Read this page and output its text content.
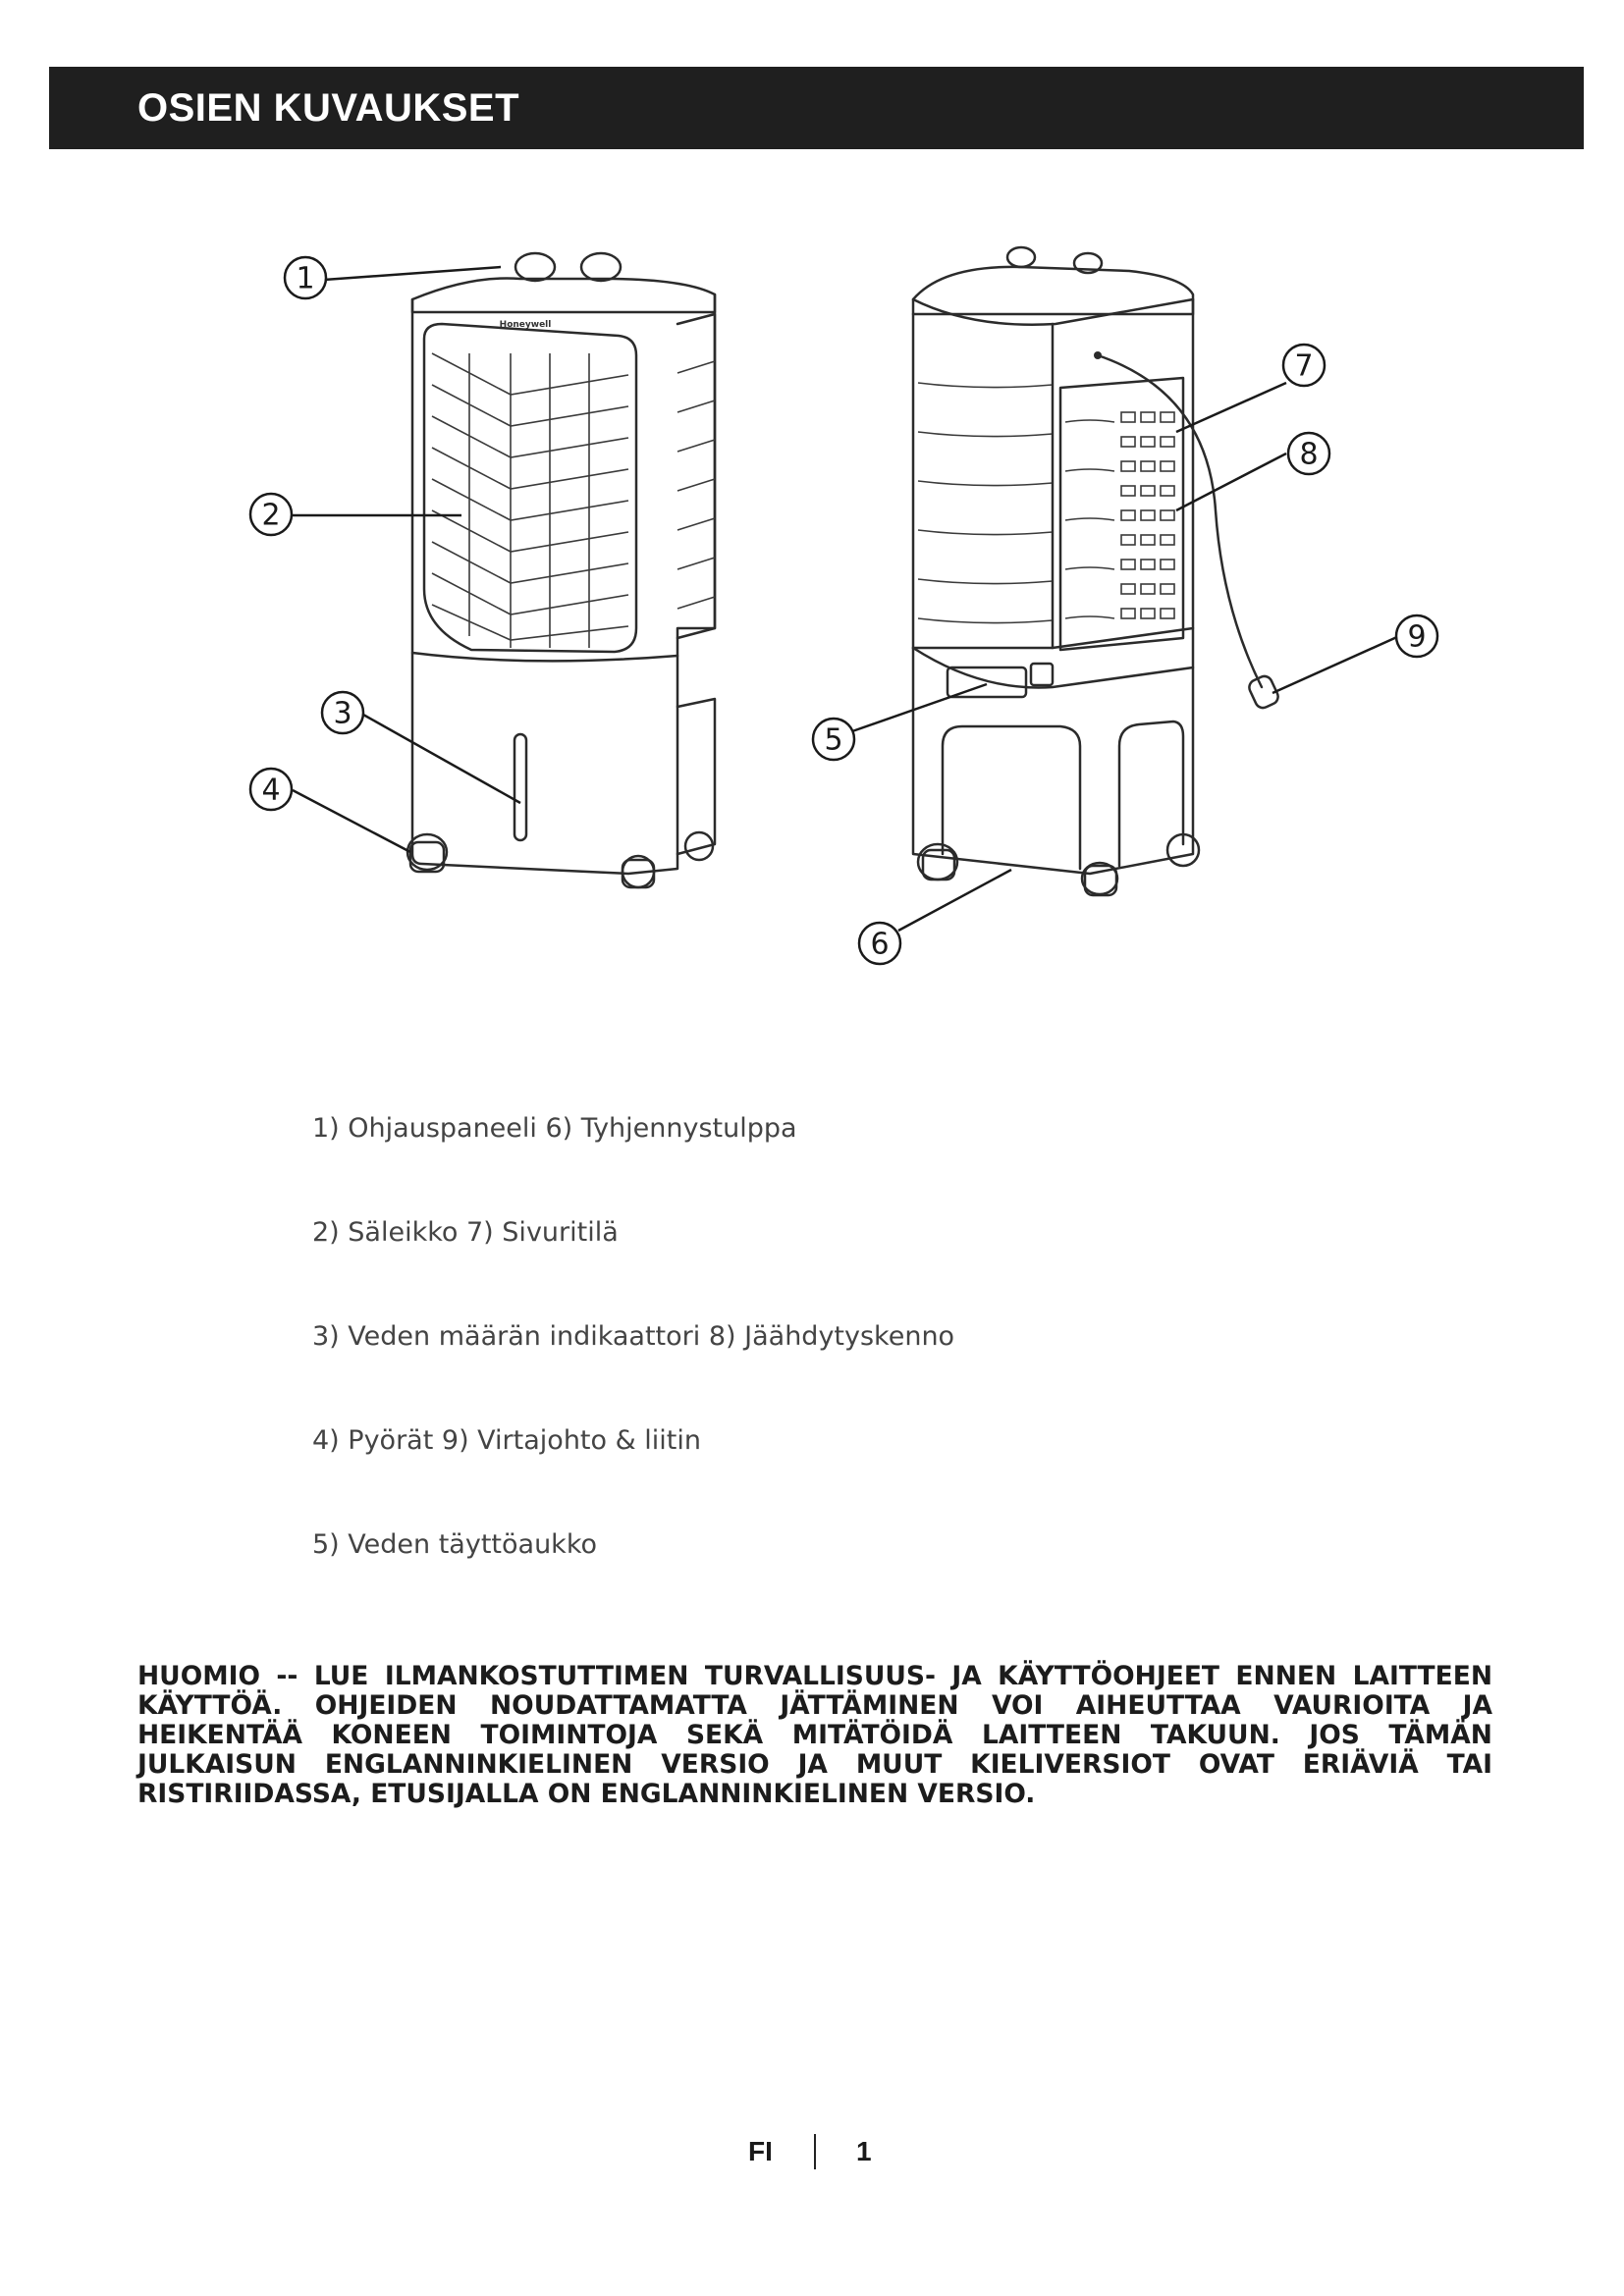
OSIEN KUVAUKSET
Honeywell
1
2
3
4
5
6
7
8
9
1) Ohjauspaneeli 6) Tyhjennystulppa
2) Säleikko 7) Sivuritilä
3) Veden määrän indikaattori 8) Jäähdytyskenno
4) Pyörät 9) Virtajohto & liitin
5) Veden täyttöaukko
HUOMIO -- LUE ILMANKOSTUTTIMEN TURVALLISUUS- JA KÄYTTÖOHJEET ENNEN LAITTEEN KÄYTTÖÄ. OHJEIDEN NOUDATTAMATTA JÄTTÄMINEN VOI AIHEUTTAA VAURIOITA JA HEIKENTÄÄ KONEEN TOIMINTOJA SEKÄ MITÄTÖIDÄ LAITTEEN TAKUUN. JOS TÄMÄN JULKAISUN ENGLANNINKIELINEN VERSIO JA MUUT KIELIVERSIOT OVAT ERIÄVIÄ TAI RISTIRIIDASSA, ETUSIJALLA ON ENGLANNINKIELINEN VERSIO.
FI	1
